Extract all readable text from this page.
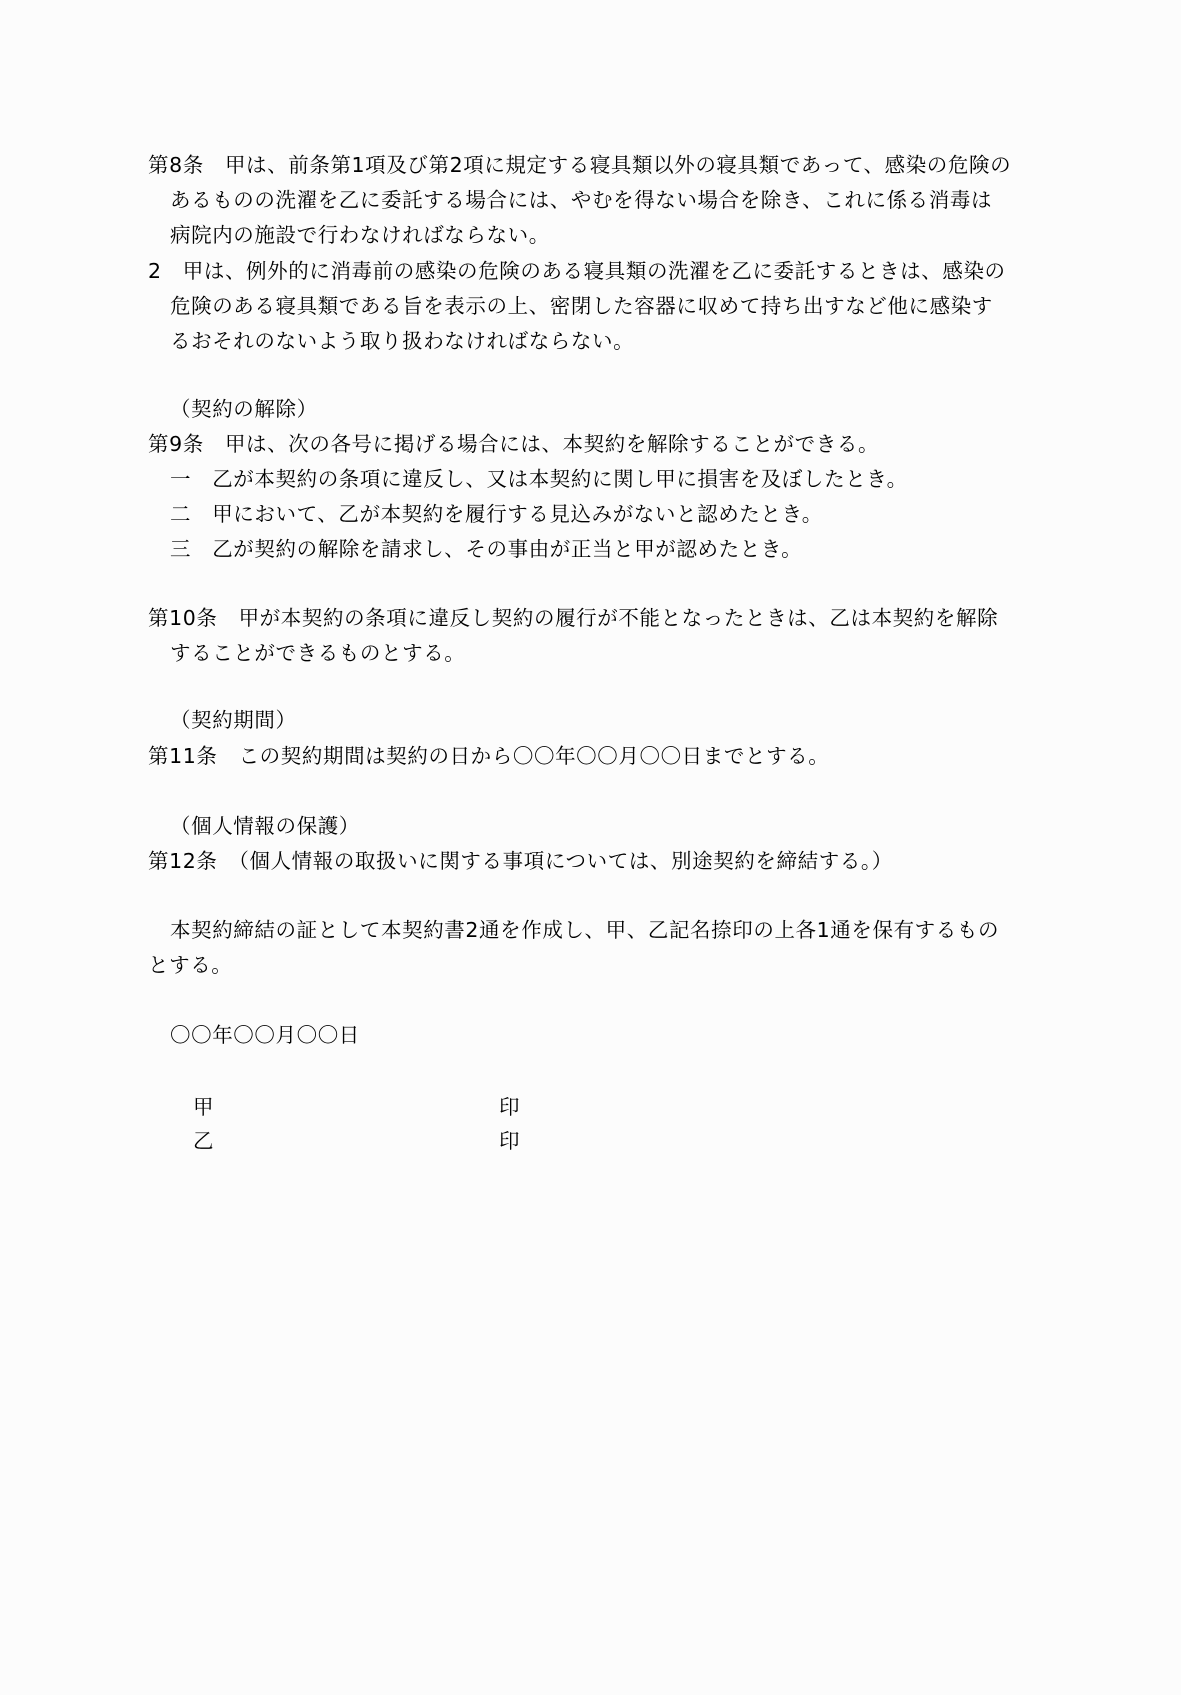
第8条　甲は、前条第1項及び第2項に規定する寝具類以外の寝具類であって、感染の危険の
あるものの洗濯を乙に委託する場合には、やむを得ない場合を除き、これに係る消毒は
病院内の施設で行わなければならない。
2　甲は、例外的に消毒前の感染の危険のある寝具類の洗濯を乙に委託するときは、感染の
危険のある寝具類である旨を表示の上、密閉した容器に収めて持ち出すなど他に感染す
るおそれのないよう取り扱わなければならない。
（契約の解除）
第9条　甲は、次の各号に掲げる場合には、本契約を解除することができる。
一　乙が本契約の条項に違反し、又は本契約に関し甲に損害を及ぼしたとき。
二　甲において、乙が本契約を履行する見込みがないと認めたとき。
三　乙が契約の解除を請求し、その事由が正当と甲が認めたとき。
第10条　甲が本契約の条項に違反し契約の履行が不能となったときは、乙は本契約を解除
することができるものとする。
（契約期間）
第11条　この契約期間は契約の日から〇〇年〇〇月〇〇日までとする。
（個人情報の保護）
第12条　（個人情報の取扱いに関する事項については、別途契約を締結する。）
本契約締結の証として本契約書2通を作成し、甲、乙記名捺印の上各1通を保有するもの
とする。
〇〇年〇〇月〇〇日
甲	印
乙	印
